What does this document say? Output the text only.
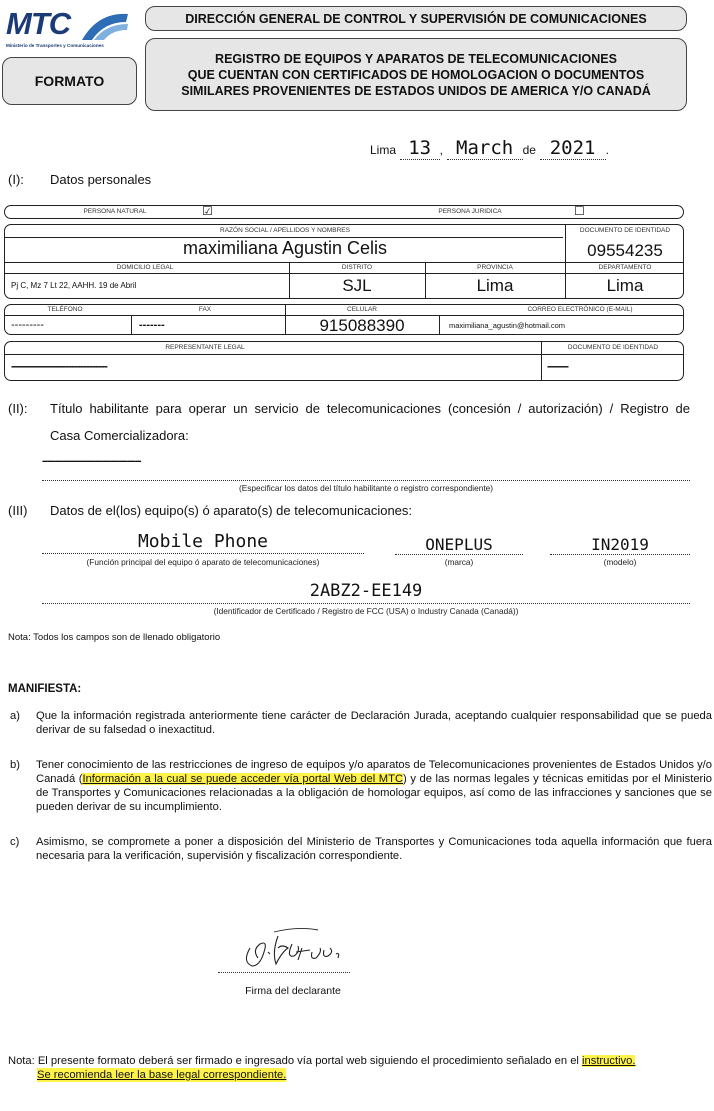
MTC
Ministerio de Transportes y Comunicaciones
FORMATO
DIRECCIÓN GENERAL DE CONTROL Y SUPERVISIÓN DE COMUNICACIONES
REGISTRO DE EQUIPOS Y APARATOS DE TELECOMUNICACIONES
QUE CUENTAN CON CERTIFICADOS DE HOMOLOGACION O DOCUMENTOS
SIMILARES PROVENIENTES DE ESTADOS UNIDOS DE AMERICA Y/O CANADÁ
Lima 13 , March de 2021 .
(I): Datos personales
PERSONA NATURAL	☑	PERSONA JURIDICA	☐
RAZÓN SOCIAL / APELLIDOS Y NOMBRES
maximiliana Agustin Celis
DOCUMENTO DE IDENTIDAD
09554235
DOMICILIO LEGAL
Pj C, Mz 7 Lt 22, AAHH. 19 de Abril
DISTRITO
SJL
PROVINCIA
Lima
DEPARTAMENTO
Lima
TELÉFONO
---------
FAX
-------
CELULAR
915088390
CORREO ELECTRÓNICO (E-MAIL)
maximiliana_agustin@hotmail.com
REPRESENTANTE LEGAL
--------------------------------
DOCUMENTO DE IDENTIDAD
-------
(II): Título habilitante para operar un servicio de telecomunicaciones (concesión / autorización) / Registro de
Casa Comercializadora:
-------------------------------------
(Especificar los datos del título habilitante o registro correspondiente)
(III) Datos de el(los) equipo(s) ó aparato(s) de telecomunicaciones:
Mobile Phone
(Función principal del equipo ó aparato de telecomunicaciones)
ONEPLUS
(marca)
IN2019
(modelo)
2ABZ2-EE149
(Identificador de Certificado / Registro de FCC (USA) o Industry Canada (Canadá))
Nota: Todos los campos son de llenado obligatorio
MANIFIESTA:
a) Que la información registrada anteriormente tiene carácter de Declaración Jurada, aceptando cualquier responsabilidad que se pueda derivar de su falsedad o inexactitud.
b) Tener conocimiento de las restricciones de ingreso de equipos y/o aparatos de Telecomunicaciones provenientes de Estados Unidos y/o Canadá (Información a la cual se puede acceder vía portal Web del MTC) y de las normas legales y técnicas emitidas por el Ministerio de Transportes y Comunicaciones relacionadas a la obligación de homologar equipos, así como de las infracciones y sanciones que se pueden derivar de su incumplimiento.
c) Asimismo, se compromete a poner a disposición del Ministerio de Transportes y Comunicaciones toda aquella información que fuera necesaria para la verificación, supervisión y fiscalización correspondiente.
Firma del declarante
Nota: El presente formato deberá ser firmado e ingresado vía portal web siguiendo el procedimiento señalado en el instructivo.
Se recomienda leer la base legal correspondiente.
